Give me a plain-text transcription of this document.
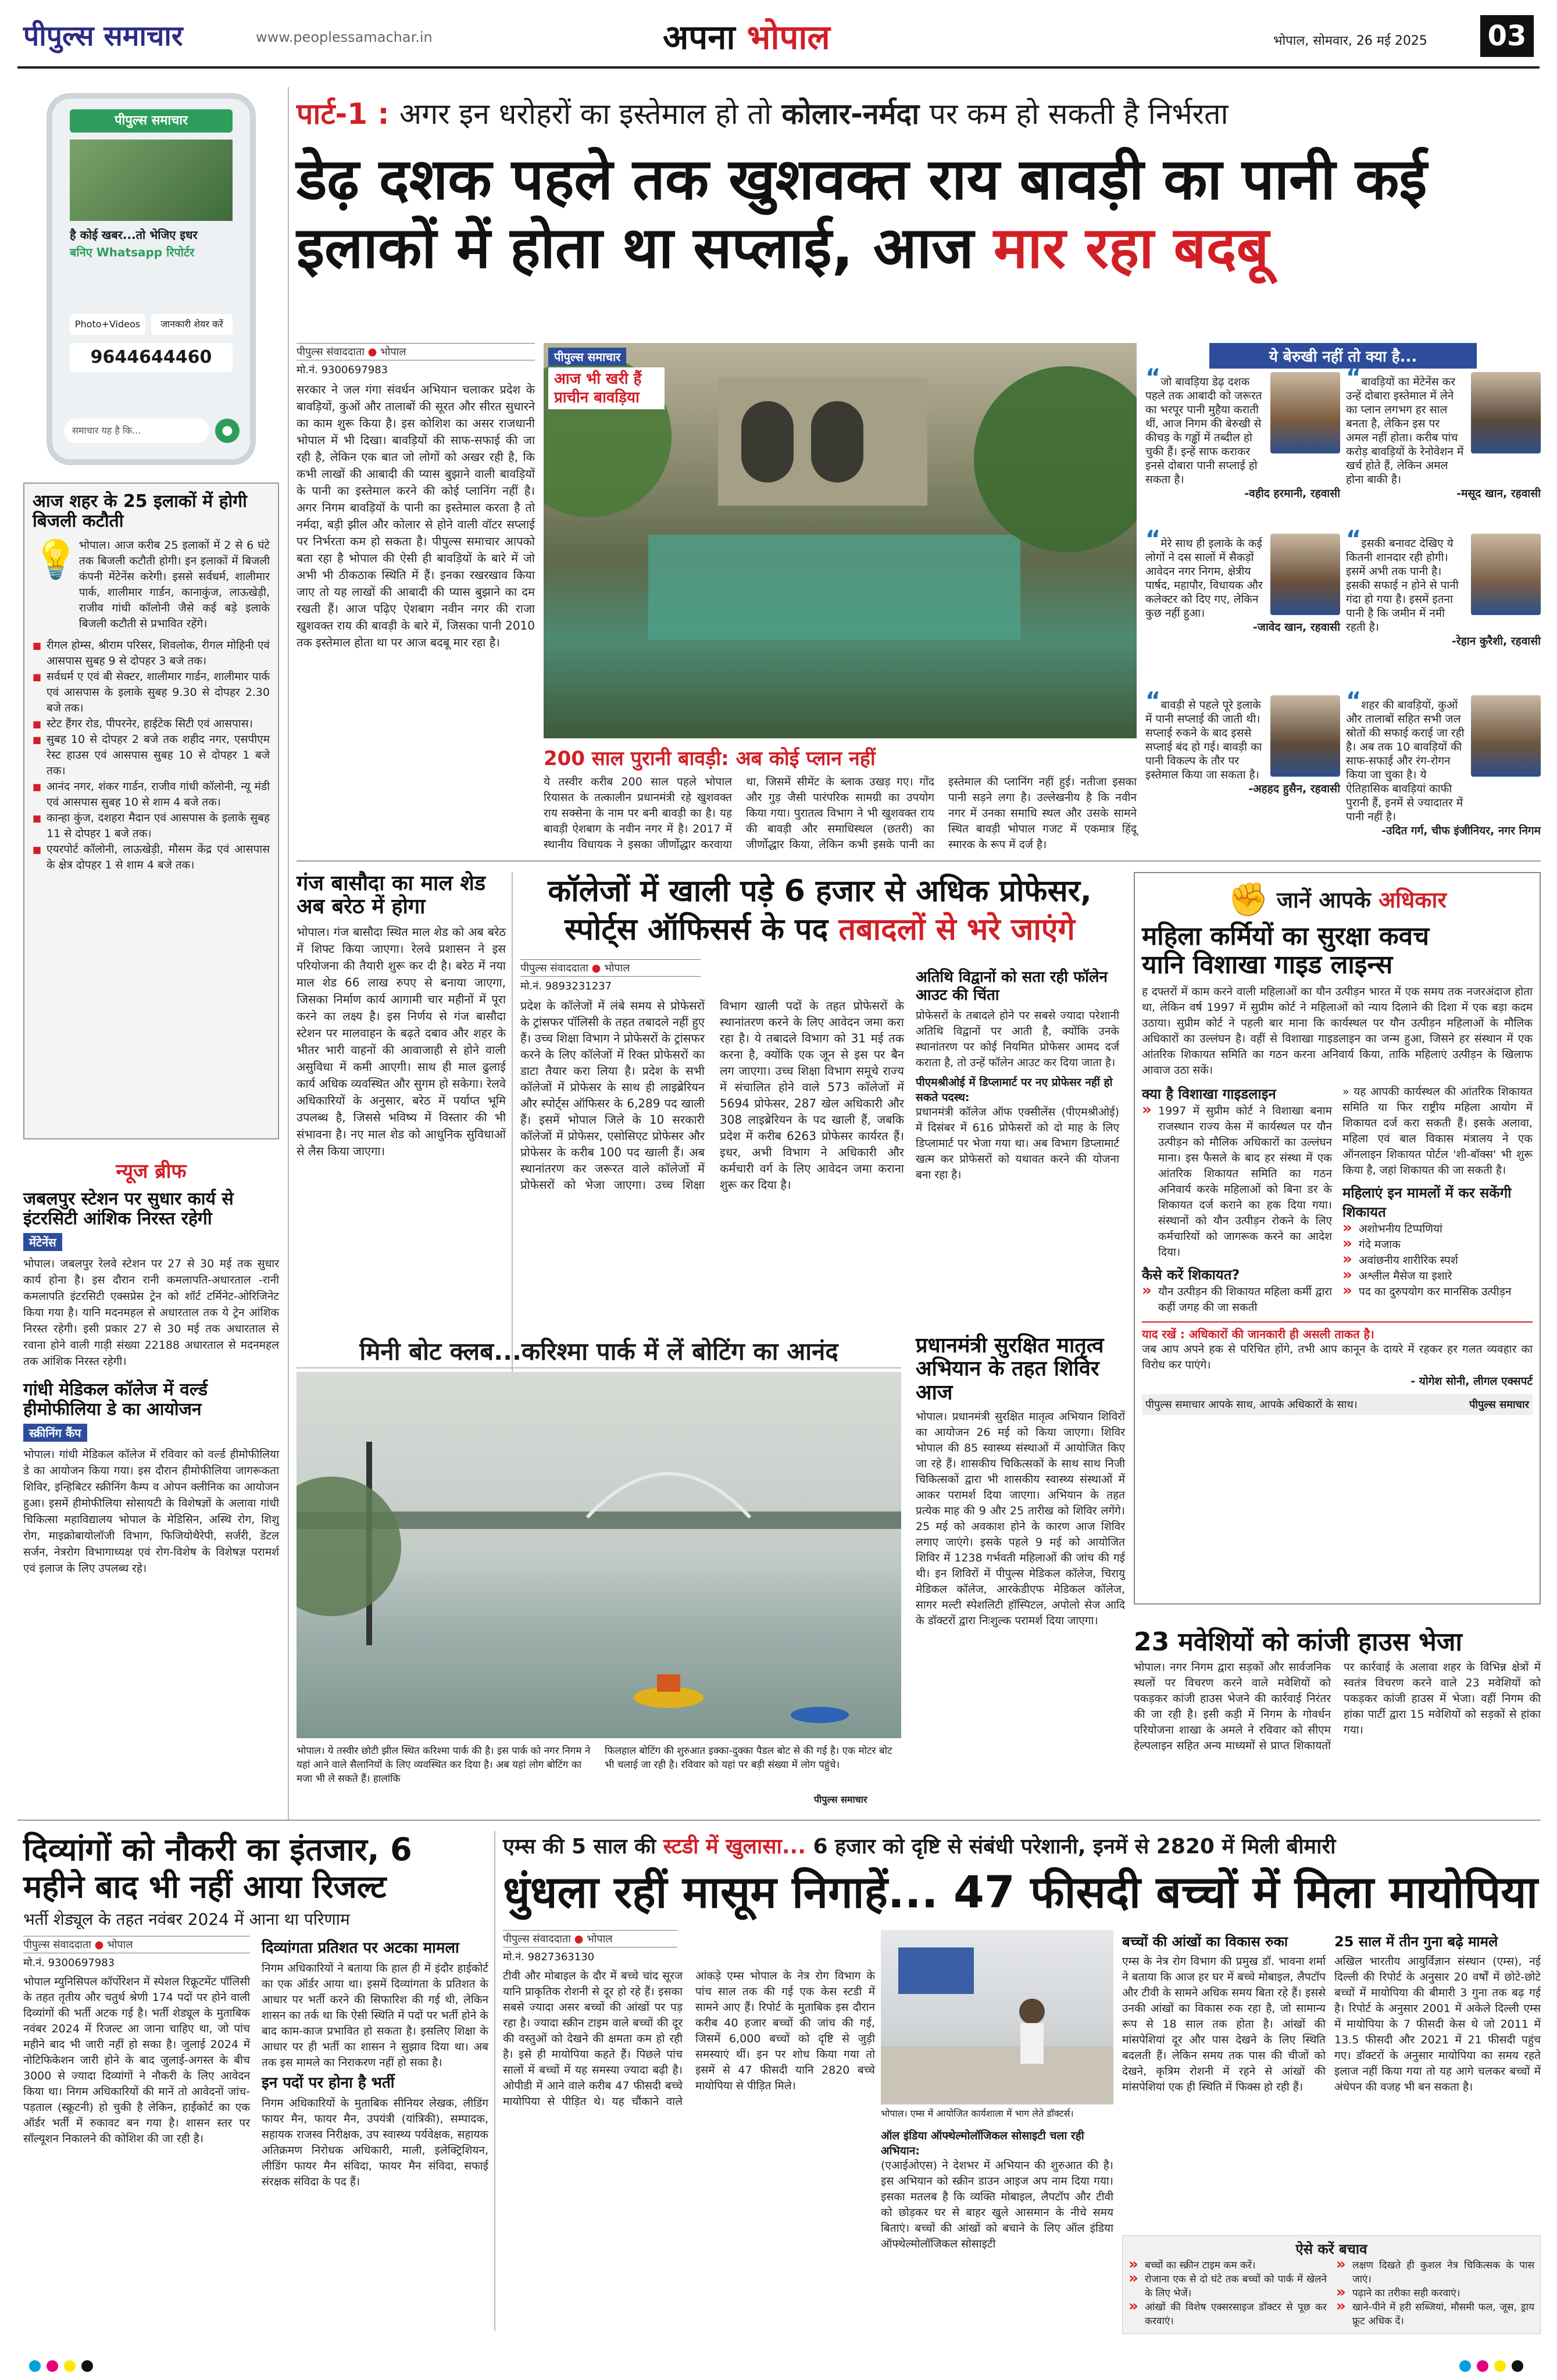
पीपुल्स समाचार	www.peoplessamachar.in	अपना भोपाल	भोपाल, सोमवार, 26 मई 2025 03
पीपुल्स समाचार
है कोई खबर...तो भेजिए इधर
बनिए Whatsapp रिपोर्टर
Photo+Videos	जानकारी शेयर करें
9644644460
समाचार यह है कि...	●
आज शहर के 25 इलाकों में होगी बिजली कटौती
💡 भोपाल। आज करीब 25 इलाकों में 2 से 6 घंटे तक बिजली कटौती होगी। इन इलाकों में बिजली कंपनी मेंटेनेंस करेगी। इससे सर्वधर्म, शालीमार पार्क, शालीमार गार्डन, कानाकुंज, लाऊखेड़ी, राजीव गांधी कॉलोनी जैसे कई बड़े इलाके बिजली कटौती से प्रभावित रहेंगे।
■ रीगल होम्स, श्रीराम परिसर, शिवलोक, रीगल मोहिनी एवं आसपास सुबह 9 से दोपहर 3 बजे तक।
■ सर्वधर्म ए एवं बी सेक्टर, शालीमार गार्डन, शालीमार पार्क एवं आसपास के इलाके सुबह 9.30 से दोपहर 2.30 बजे तक।
■ स्टेट हैंगर रोड, पीपरनेर, हाईटेक सिटी एवं आसपास।
■ सुबह 10 से दोपहर 2 बजे तक शहीद नगर, एसपीएम रेस्ट हाउस एवं आसपास सुबह 10 से दोपहर 1 बजे तक।
■ आनंद नगर, शंकर गार्डन, राजीव गांधी कॉलोनी, न्यू मंडी एवं आसपास सुबह 10 से शाम 4 बजे तक।
■ कान्हा कुंज, दशहरा मैदान एवं आसपास के इलाके सुबह 11 से दोपहर 1 बजे तक।
■ एयरपोर्ट कॉलोनी, लाऊखेड़ी, मौसम केंद्र एवं आसपास के क्षेत्र दोपहर 1 से शाम 4 बजे तक।
न्यूज ब्रीफ
जबलपुर स्टेशन पर सुधार कार्य से इंटरसिटी आंशिक निरस्त रहेगी
मेंटेनेंस
भोपाल। जबलपुर रेलवे स्टेशन पर 27 से 30 मई तक सुधार कार्य होना है। इस दौरान रानी कमलापति-अधारताल -रानी कमलापति इंटरसिटी एक्सप्रेस ट्रेन को शॉर्ट टर्मिनेट-ओरिजिनेट किया गया है। यानि मदनमहल से अधारताल तक ये ट्रेन आंशिक निरस्त रहेगी। इसी प्रकार 27 से 30 मई तक अधारताल से रवाना होने वाली गाड़ी संख्या 22188 अधारताल से मदनमहल तक आंशिक निरस्त रहेगी।
गांधी मेडिकल कॉलेज में वर्ल्ड हीमोफीलिया डे का आयोजन
स्क्रीनिंग कैंप
भोपाल। गांधी मेडिकल कॉलेज में रविवार को वर्ल्ड हीमोफीलिया डे का आयोजन किया गया। इस दौरान हीमोफीलिया जागरूकता शिविर, इन्हिबिटर स्क्रीनिंग कैम्प व ओपन क्लीनिक का आयोजन हुआ। इसमें हीमोफीलिया सोसायटी के विशेषज्ञों के अलावा गांधी चिकित्सा महाविद्यालय भोपाल के मेडिसिन, अस्थि रोग, शिशु रोग, माइक्रोबायोलॉजी विभाग, फिजियोथैरेपी, सर्जरी, डेंटल सर्जन, नेत्ररोग विभागाध्यक्ष एवं रोग-विशेष के विशेषज्ञ परामर्श एवं इलाज के लिए उपलब्ध रहे।
पार्ट-1 : अगर इन धरोहरों का इस्तेमाल हो तो कोलार-नर्मदा पर कम हो सकती है निर्भरता
डेढ़ दशक पहले तक खुशवक्त राय बावड़ी का पानी कई
इलाकों में होता था सप्लाई, आज मार रहा बदबू
पीपुल्स संवाददाता ● भोपाल
मो.नं. 9300697983
सरकार ने जल गंगा संवर्धन अभियान चलाकर प्रदेश के बावड़ियों, कुओं और तालाबों की सूरत और सीरत सुधारने का काम शुरू किया है। इस कोशिश का असर राजधानी भोपाल में भी दिखा। बावड़ियों की साफ-सफाई की जा रही है, लेकिन एक बात जो लोगों को अखर रही है, कि कभी लाखों की आबादी की प्यास बुझाने वाली बावड़ियों के पानी का इस्तेमाल करने की कोई प्लानिंग नहीं है। अगर निगम बावड़ियों के पानी का इस्तेमाल करता है तो नर्मदा, बड़ी झील और कोलार से होने वाली वॉटर सप्लाई पर निर्भरता कम हो सकता है। पीपुल्स समाचार आपको बता रहा है भोपाल की ऐसी ही बावड़ियों के बारे में जो अभी भी ठीकठाक स्थिति में हैं। इनका रखरखाव किया जाए तो यह लाखों की आबादी की प्यास बुझाने का दम रखती हैं। आज पढ़िए ऐशबाग नवीन नगर की राजा खुशवक्त राय की बावड़ी के बारे में, जिसका पानी 2010 तक इस्तेमाल होता था पर आज बदबू मार रहा है।
पीपुल्स समाचार
आज भी खरी हैं प्राचीन बावड़िया
200 साल पुरानी बावड़ी: अब कोई प्लान नहीं
ये तस्वीर करीब 200 साल पहले भोपाल रियासत के तत्कालीन प्रधानमंत्री रहे खुशवक्त राय सक्सेना के नाम पर बनी बावड़ी का है। यह बावड़ी ऐशबाग के नवीन नगर में है। 2017 में स्थानीय विधायक ने इसका जीर्णोद्धार करवाया था, जिसमें सीमेंट के ब्लाक उखड़ गए। गोंद और गुड़ जैसी पारंपरिक सामग्री का उपयोग किया गया। पुरातत्व विभाग ने भी खुशवक्त राय की बावड़ी और समाधिस्थल (छतरी) का जीर्णोद्धार किया, लेकिन कभी इसके पानी का इस्तेमाल की प्लानिंग नहीं हुई। नतीजा इसका पानी सड़ने लगा है। उल्लेखनीय है कि नवीन नगर में उनका समाधि स्थल और उसके सामने स्थित बावड़ी भोपाल गजट में एकमात्र हिंदू स्मारक के रूप में दर्ज है।
ये बेरुखी नहीं तो क्या है...
“जो बावड़िया डेढ़ दशक पहले तक आबादी को जरूरत का भरपूर पानी मुहैया कराती थीं, आज निगम की बेरुखी से कीचड़ के गड्ढों में तब्दील हो चुकी हैं। इन्हें साफ कराकर इनसे दोबारा पानी सप्लाई हो सकता है।
-वहीद हरमानी, रहवासी
“बावड़ियों का मेंटेनेंस कर उन्हें दोबारा इस्तेमाल में लेने का प्लान लगभग हर साल बनता है, लेकिन इस पर अमल नहीं होता। करीब पांच करोड़ बावड़ियों के रेनोवेशन में खर्च होते हैं, लेकिन अमल होना बाकी है।
-मसूद खान, रहवासी
“मेरे साथ ही इलाके के कई लोगों ने दस सालों में सैकड़ों आवेदन नगर निगम, क्षेत्रीय पार्षद, महापौर, विधायक और कलेक्टर को दिए गए, लेकिन कुछ नहीं हुआ।
-जावेद खान, रहवासी
“इसकी बनावट देखिए ये कितनी शानदार रही होगी। इसमें अभी तक पानी है। इसकी सफाई न होने से पानी गंदा हो गया है। इसमें इतना पानी है कि जमीन में नमी रहती है।
-रेहान कुरैशी, रहवासी
“बावड़ी से पहले पूरे इलाके में पानी सप्लाई की जाती थी। सप्लाई रुकने के बाद इससे सप्लाई बंद हो गई। बावड़ी का पानी विकल्प के तौर पर इस्तेमाल किया जा सकता है।
-अहहद हुसैन, रहवासी
“शहर की बावड़ियों, कुओं और तालाबों सहित सभी जल स्रोतों की सफाई कराई जा रही है। अब तक 10 बावड़ियों की साफ-सफाई और रंग-रोगन किया जा चुका है। ये ऐतिहासिक बावड़ियां काफी पुरानी हैं, इनमें से ज्यादातर में पानी नहीं है।
-उदित गर्ग, चीफ इंजीनियर, नगर निगम
गंज बासौदा का माल शेड अब बरेठ में होगा
भोपाल। गंज बासौदा स्थित माल शेड को अब बरेठ में शिफ्ट किया जाएगा। रेलवे प्रशासन ने इस परियोजना की तैयारी शुरू कर दी है। बरेठ में नया माल शेड 66 लाख रुपए से बनाया जाएगा, जिसका निर्माण कार्य आगामी चार महीनों में पूरा करने का लक्ष्य है। इस निर्णय से गंज बासौदा स्टेशन पर मालवाहन के बढ़ते दबाव और शहर के भीतर भारी वाहनों की आवाजाही से होने वाली असुविधा में कमी आएगी। साथ ही माल ढुलाई कार्य अधिक व्यवस्थित और सुगम हो सकेगा। रेलवे अधिकारियों के अनुसार, बरेठ में पर्याप्त भूमि उपलब्ध है, जिससे भविष्य में विस्तार की भी संभावना है। नए माल शेड को आधुनिक सुविधाओं से लैस किया जाएगा।
कॉलेजों में खाली पड़े 6 हजार से अधिक प्रोफेसर,
स्पोर्ट्स ऑफिसर्स के पद तबादलों से भरे जाएंगे
पीपुल्स संवाददाता ● भोपाल
मो.नं. 9893231237
प्रदेश के कॉलेजों में लंबे समय से प्रोफेसरों के ट्रांसफर पॉलिसी के तहत तबादले नहीं हुए हैं। उच्च शिक्षा विभाग ने प्रोफेसरों के ट्रांसफर करने के लिए कॉलेजों में रिक्त प्रोफेसरों का डाटा तैयार करा लिया है। प्रदेश के सभी कॉलेजों में प्रोफेसर के साथ ही लाइब्रेरियन और स्पोर्ट्स ऑफिसर के 6,289 पद खाली हैं। इसमें भोपाल जिले के 10 सरकारी कॉलेजों में प्रोफेसर, एसोसिएट प्रोफेसर और प्रोफेसर के करीब 100 पद खाली हैं। अब स्थानांतरण कर जरूरत वाले कॉलेजों में प्रोफेसरों को भेजा जाएगा। उच्च शिक्षा विभाग खाली पदों के तहत प्रोफेसरों के स्थानांतरण करने के लिए आवेदन जमा करा रहा है। ये तबादले विभाग को 31 मई तक करना है, क्योंकि एक जून से इस पर बैन लग जाएगा। उच्च शिक्षा विभाग समूचे राज्य में संचालित होने वाले 573 कॉलेजों में 5694 प्रोफेसर, 287 खेल अधिकारी और 308 लाइब्रेरियन के पद खाली हैं, जबकि प्रदेश में करीब 6263 प्रोफेसर कार्यरत हैं। इधर, अभी विभाग ने अधिकारी और कर्मचारी वर्ग के लिए आवेदन जमा कराना शुरू कर दिया है।
अतिथि विद्वानों को सता रही फॉलेन आउट की चिंता
प्रोफेसरों के तबादले होने पर सबसे ज्यादा परेशानी अतिथि विद्वानों पर आती है, क्योंकि उनके स्थानांतरण पर कोई नियमित प्रोफेसर आमद दर्ज कराता है, तो उन्हें फॉलेन आउट कर दिया जाता है।
पीएमश्रीओई में डिप्लामार्ट पर नए प्रोफेसर नहीं हो सकते पदस्थ:
प्रधानमंत्री कॉलेज ऑफ एक्सीलेंस (पीएमश्रीओई) में दिसंबर में 616 प्रोफेसरों को दो माह के लिए डिप्लामार्ट पर भेजा गया था। अब विभाग डिप्लामार्ट खत्म कर प्रोफेसरों को यथावत करने की योजना बना रहा है।
✊ जानें आपके अधिकार
महिला कर्मियों का सुरक्षा कवच
यानि विशाखा गाइड लाइन्स
ह दफ्तरों में काम करने वाली महिलाओं का यौन उत्पीड़न भारत में एक समय तक नजरअंदाज होता था, लेकिन वर्ष 1997 में सुप्रीम कोर्ट ने महिलाओं को न्याय दिलाने की दिशा में एक बड़ा कदम उठाया। सुप्रीम कोर्ट ने पहली बार माना कि कार्यस्थल पर यौन उत्पीड़न महिलाओं के मौलिक अधिकारों का उल्लंघन है। वहीं से विशाखा गाइडलाइन का जन्म हुआ, जिसने हर संस्थान में एक आंतरिक शिकायत समिति का गठन करना अनिवार्य किया, ताकि महिलाएं उत्पीड़न के खिलाफ आवाज उठा सकें।
क्या है विशाखा गाइडलाइन
» 1997 में सुप्रीम कोर्ट ने विशाखा बनाम राजस्थान राज्य केस में कार्यस्थल पर यौन उत्पीड़न को मौलिक अधिकारों का उल्लंघन माना। इस फैसले के बाद हर संस्था में एक आंतरिक शिकायत समिति का गठन अनिवार्य करके महिलाओं को बिना डर के शिकायत दर्ज कराने का हक दिया गया। संस्थानों को यौन उत्पीड़न रोकने के लिए कर्मचारियों को जागरूक करने का आदेश दिया।
कैसे करें शिकायत?
» यौन उत्पीड़न की शिकायत महिला कर्मी द्वारा कहीं जगह की जा सकती
» यह आपकी कार्यस्थल की आंतरिक शिकायत समिति या फिर राष्ट्रीय महिला आयोग में शिकायत दर्ज करा सकती हैं। इसके अलावा, महिला एवं बाल विकास मंत्रालय ने एक ऑनलाइन शिकायत पोर्टल 'शी-बॉक्स' भी शुरू किया है, जहां शिकायत की जा सकती है।
महिलाएं इन मामलों में कर सकेंगी शिकायत
» अशोभनीय टिप्पणियां
» गंदे मजाक
» अवांछनीय शारीरिक स्पर्श
» अश्लील मैसेज या इशारे
» पद का दुरुपयोग कर मानसिक उत्पीड़न
याद रखें : अधिकारों की जानकारी ही असली ताकत है।
जब आप अपने हक से परिचित होंगे, तभी आप कानून के दायरे में रहकर हर गलत व्यवहार का विरोध कर पाएंगे।
- योगेश सोनी, लीगल एक्सपर्ट
पीपुल्स समाचार आपके साथ, आपके अधिकारों के साथ।	पीपुल्स समाचार
मिनी बोट क्लब...करिश्मा पार्क में लें बोटिंग का आनंद
भोपाल। ये तस्वीर छोटी झील स्थित करिश्मा पार्क की है। इस पार्क को नगर निगम ने यहां आने वाले सैलानियों के लिए व्यवस्थित कर दिया है। अब यहां लोग बोटिंग का मजा भी ले सकते हैं। हालांकि
फिलहाल बोटिंग की शुरुआत इक्का-दुक्का पैडल बोट से की गई है। एक मोटर बोट भी चलाई जा रही है। रविवार को यहां पर बड़ी संख्या में लोग पहुंचे।
पीपुल्स समाचार
प्रधानमंत्री सुरक्षित मातृत्व अभियान के तहत शिविर आज
भोपाल। प्रधानमंत्री सुरक्षित मातृत्व अभियान शिविरों का आयोजन 26 मई को किया जाएगा। शिविर भोपाल की 85 स्वास्थ्य संस्थाओं में आयोजित किए जा रहे हैं। शासकीय चिकित्सकों के साथ साथ निजी चिकित्सकों द्वारा भी शासकीय स्वास्थ्य संस्थाओं में आकर परामर्श दिया जाएगा। अभियान के तहत प्रत्येक माह की 9 और 25 तारीख को शिविर लगेंगे। 25 मई को अवकाश होने के कारण आज शिविर लगाए जाएंगे। इसके पहले 9 मई को आयोजित शिविर में 1238 गर्भवती महिलाओं की जांच की गई थी। इन शिविरों में पीपुल्स मेडिकल कॉलेज, चिरायु मेडिकल कॉलेज, आरकेडीएफ मेडिकल कॉलेज, सागर मल्टी स्पेशलिटी हॉस्पिटल, अपोलो सेज आदि के डॉक्टरों द्वारा निःशुल्क परामर्श दिया जाएगा।
23 मवेशियों को कांजी हाउस भेजा
भोपाल। नगर निगम द्वारा सड़कों और सार्वजनिक स्थलों पर विचरण करने वाले मवेशियों को पकड़कर कांजी हाउस भेजने की कार्रवाई निरंतर की जा रही है। इसी कड़ी में निगम के गोवर्धन परियोजना शाखा के अमले ने रविवार को सीएम हेल्पलाइन सहित अन्य माध्यमों से प्राप्त शिकायतों पर कार्रवाई के अलावा शहर के विभिन्न क्षेत्रों में स्वतंत्र विचरण करने वाले 23 मवेशियों को पकड़कर कांजी हाउस में भेजा। वहीं निगम की हांका पार्टी द्वारा 15 मवेशियों को सड़कों से हांका गया।
दिव्यांगों को नौकरी का इंतजार, 6
महीने बाद भी नहीं आया रिजल्ट
भर्ती शेड्यूल के तहत नवंबर 2024 में आना था परिणाम
पीपुल्स संवाददाता ● भोपाल
मो.नं. 9300697983
भोपाल म्युनिसिपल कॉर्पोरेशन में स्पेशल रिक्रूटमेंट पॉलिसी के तहत तृतीय और चतुर्थ श्रेणी 174 पदों पर होने वाली दिव्यांगों की भर्ती अटक गई है। भर्ती शेड्यूल के मुताबिक नवंबर 2024 में रिजल्ट आ जाना चाहिए था, जो पांच महीने बाद भी जारी नहीं हो सका है। जुलाई 2024 में नोटिफिकेशन जारी होने के बाद जुलाई-अगस्त के बीच 3000 से ज्यादा दिव्यांगों ने नौकरी के लिए आवेदन किया था। निगम अधिकारियों की मानें तो आवेदनों जांच-पड़ताल (स्क्रूटनी) हो चुकी है लेकिन, हाईकोर्ट का एक ऑर्डर भर्ती में रुकावट बन गया है। शासन स्तर पर सॉल्यूशन निकालने की कोशिश की जा रही है।
दिव्यांगता प्रतिशत पर अटका मामला
निगम अधिकारियों ने बताया कि हाल ही में इंदौर हाईकोर्ट का एक ऑर्डर आया था। इसमें दिव्यांगता के प्रतिशत के आधार पर भर्ती करने की सिफारिश की गई थी, लेकिन शासन का तर्क था कि ऐसी स्थिति में पदों पर भर्ती होने के बाद काम-काज प्रभावित हो सकता है। इसलिए शिक्षा के आधार पर ही भर्ती का शासन ने सुझाव दिया था। अब तक इस मामले का निराकरण नहीं हो सका है।
इन पदों पर होना है भर्ती
निगम अधिकारियों के मुताबिक सीनियर लेखक, लीडिंग फायर मैन, फायर मैन, उपयंत्री (यांत्रिकी), सम्पादक, सहायक राजस्व निरीक्षक, उप स्वास्थ्य पर्यवेक्षक, सहायक अतिक्रमण निरोधक अधिकारी, माली, इलेक्ट्रिशियन, लीडिंग फायर मैन संविदा, फायर मैन संविदा, सफाई संरक्षक संविदा के पद हैं।
एम्स की 5 साल की स्टडी में खुलासा... 6 हजार को दृष्टि से संबंधी परेशानी, इनमें से 2820 में मिली बीमारी
धुंधला रहीं मासूम निगाहें... 47 फीसदी बच्चों में मिला मायोपिया
पीपुल्स संवाददाता ● भोपाल
मो.नं. 9827363130
टीवी और मोबाइल के दौर में बच्चे चांद सूरज यानि प्राकृतिक रोशनी से दूर हो रहे हैं। इसका सबसे ज्यादा असर बच्चों की आंखों पर पड़ रहा है। ज्यादा स्क्रीन टाइम वाले बच्चों की दूर की वस्तुओं को देखने की क्षमता कम हो रही है। इसे ही मायोपिया कहते हैं। पिछले पांच सालों में बच्चों में यह समस्या ज्यादा बढ़ी है। ओपीडी में आने वाले करीब 47 फीसदी बच्चे मायोपिया से पीड़ित थे। यह चौंकाने वाले आंकड़े एम्स भोपाल के नेत्र रोग विभाग के पांच साल तक की गई एक केस स्टडी में सामने आए हैं। रिपोर्ट के मुताबिक इस दौरान करीब 40 हजार बच्चों की जांच की गई, जिसमें 6,000 बच्चों को दृष्टि से जुड़ी समस्याएं थीं। इन पर शोध किया गया तो इसमें से 47 फीसदी यानि 2820 बच्चे मायोपिया से पीड़ित मिले।
भोपाल। एम्स में आयोजित कार्यशाला में भाग लेते डॉक्टर्स।
ऑल इंडिया ऑफ्थेल्मोलॉजिकल सोसाइटी चला रही अभियान:
(एआईओएस) ने देशभर में अभियान की शुरुआत की है। इस अभियान को स्क्रीन डाउन आइज अप नाम दिया गया। इसका मतलब है कि व्यक्ति मोबाइल, लैपटॉप और टीवी को छोड़कर घर से बाहर खुले आसमान के नीचे समय बिताएं। बच्चों की आंखों को बचाने के लिए ऑल इंडिया ऑफ्थेल्मोलॉजिकल सोसाइटी
बच्चों की आंखों का विकास रुका
एम्स के नेत्र रोग विभाग की प्रमुख डॉ. भावना शर्मा ने बताया कि आज हर घर में बच्चे मोबाइल, लैपटॉप और टीवी के सामने अधिक समय बिता रहे हैं। इससे उनकी आंखों का विकास रुक रहा है, जो सामान्य रूप से 18 साल तक होता है। आंखों की मांसपेशियां दूर और पास देखने के लिए स्थिति बदलती हैं। लेकिन समय तक पास की चीजों को देखने, कृत्रिम रोशनी में रहने से आंखों की मांसपेशियां एक ही स्थिति में फिक्स हो रही हैं।
25 साल में तीन गुना बढ़े मामले
अखिल भारतीय आयुर्विज्ञान संस्थान (एम्स), नई दिल्ली की रिपोर्ट के अनुसार 20 वर्षों में छोटे-छोटे बच्चों में मायोपिया की बीमारी 3 गुना तक बढ़ गई है। रिपोर्ट के अनुसार 2001 में अकेले दिल्ली एम्स में मायोपिया के 7 फीसदी केस थे जो 2011 में 13.5 फीसदी और 2021 में 21 फीसदी पहुंच गए। डॉक्टरों के अनुसार मायोपिया का समय रहते इलाज नहीं किया गया तो यह आगे चलकर बच्चों में अंधेपन की वजह भी बन सकता है।
ऐसे करें बचाव
» बच्चों का स्क्रीन टाइम कम करें।
» रोजाना एक से दो घंटे तक बच्चों को पार्क में खेलने के लिए भेजें।
» आंखों की विशेष एक्सरसाइज डॉक्टर से पूछ कर करवाएं।
» लक्षण दिखते ही कुशल नेत्र चिकित्सक के पास जाएं।
» पढ़ाने का तरीका सही करवाएं।
» खाने-पीने में हरी सब्जियां, मौसमी फल, जूस, ड्राय फ्रूट अधिक दें।
